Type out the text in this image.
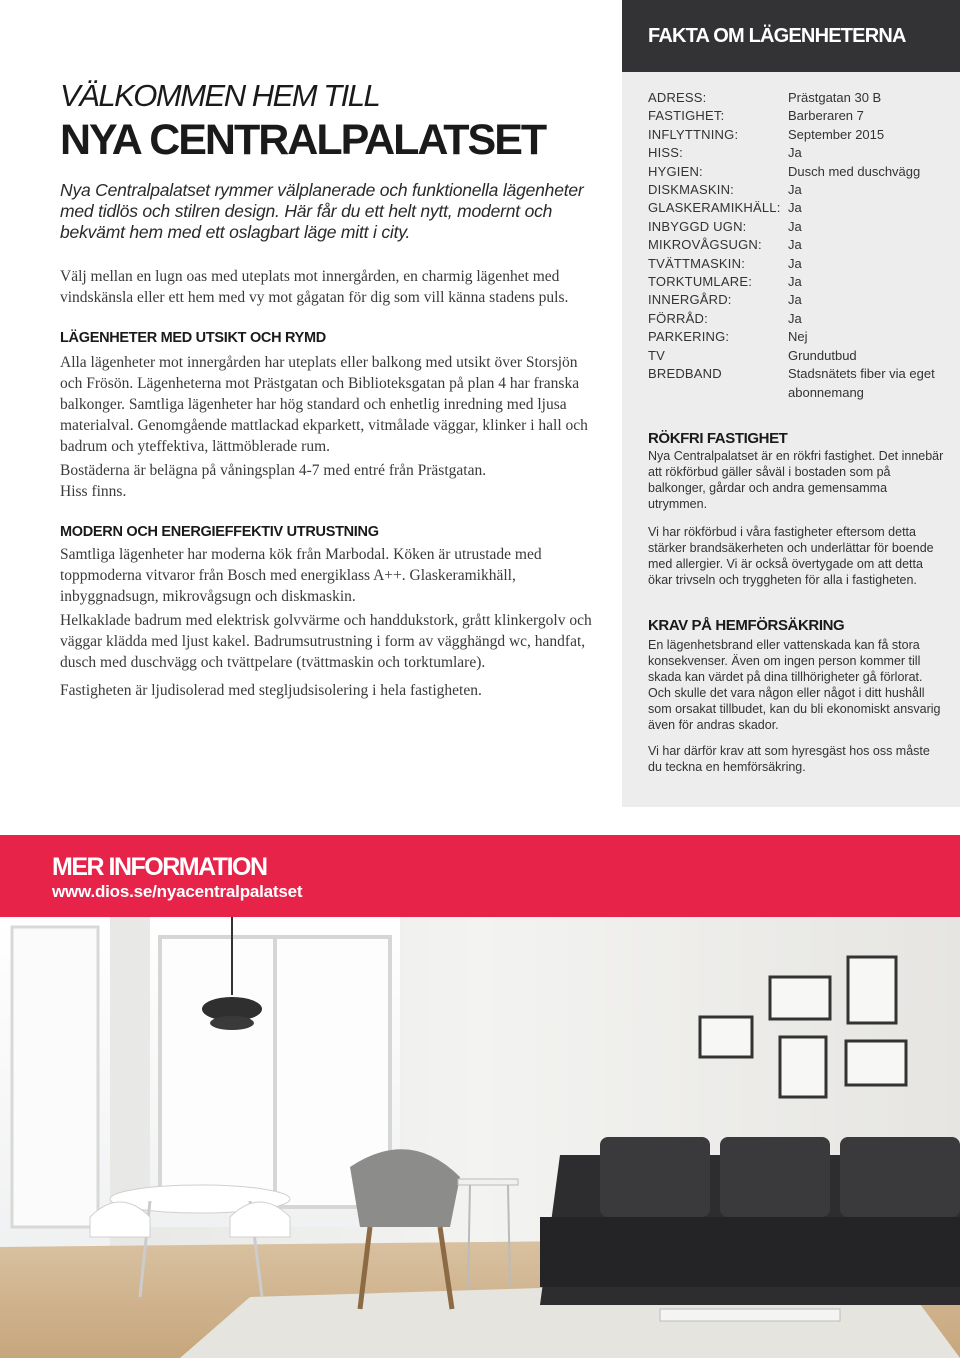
VÄLKOMMEN HEM TILL
NYA CENTRALPALATSET
Nya Centralpalatset rymmer välplanerade och funktionella lägenheter med tidlös och stilren design. Här får du ett helt nytt, modernt och bekvämt hem med ett oslagbart läge mitt i city.
Välj mellan en lugn oas med uteplats mot innergården, en charmig lägenhet med vindskänsla eller ett hem med vy mot gågatan för dig som vill känna stadens puls.
LÄGENHETER MED UTSIKT OCH RYMD
Alla lägenheter mot innergården har uteplats eller balkong med utsikt över Storsjön och Frösön. Lägenheterna mot Prästgatan och Biblioteksgatan på plan 4 har franska balkonger. Samtliga lägenheter har hög standard och enhetlig inredning med ljusa materialval. Genomgående mattlackad ekparkett, vitmålade väggar, klinker i hall och badrum och yteffektiva, lättmöblerade rum.
Bostäderna är belägna på våningsplan 4-7 med entré från Prästgatan.
Hiss finns.
MODERN OCH ENERGIEFFEKTIV UTRUSTNING
Samtliga lägenheter har moderna kök från Marbodal. Köken är utrustade med toppmoderna vitvaror från Bosch med energiklass A++. Glaskeramikhäll, inbyggnadsugn, mikrovågsugn och diskmaskin.
Helkaklade badrum med elektrisk golvvärme och handdukstork, grått klinkergolv och väggar klädda med ljust kakel. Badrumsutrustning i form av vägghängd wc, handfat, dusch med duschvägg och tvättpelare (tvättmaskin och torktumlare).
Fastigheten är ljudisolerad med stegljudsisolering i hela fastigheten.
FAKTA OM LÄGENHETERNA
ADRESS:	Prästgatan 30 B
FASTIGHET:	Barberaren 7
INFLYTTNING:	September 2015
HISS:	Ja
HYGIEN:	Dusch med duschvägg
DISKMASKIN:	Ja
GLASKERAMIKHÄLL: Ja
INBYGGD UGN:	Ja
MIKROVÅGSUGN:	Ja
TVÄTTMASKIN:	Ja
TORKTUMLARE:	Ja
INNERGÅRD:	Ja
FÖRRÅD:	Ja
PARKERING:	Nej
TV	Grundutbud
BREDBAND	Stadsnätets fiber via eget abonnemang
RÖKFRI FASTIGHET
Nya Centralpalatset är en rökfri fastighet. Det innebär att rökförbud gäller såväl i bostaden som på balkonger, gårdar och andra gemensamma utrymmen.
Vi har rökförbud i våra fastigheter eftersom detta stärker brandsäkerheten och underlättar för boende med allergier. Vi är också övertygade om att detta ökar trivseln och tryggheten för alla i fastigheten.
KRAV PÅ HEMFÖRSÄKRING
En lägenhetsbrand eller vattenskada kan få stora konsekvenser. Även om ingen person kommer till skada kan värdet på dina tillhörigheter gå förlorat. Och skulle det vara någon eller något i ditt hushåll som orsakat tillbudet, kan du bli ekonomiskt ansvarig även för andras skador.
Vi har därför krav att som hyresgäst hos oss måste du teckna en hemförsäkring.
MER INFORMATION
www.dios.se/nyacentralpalatset
